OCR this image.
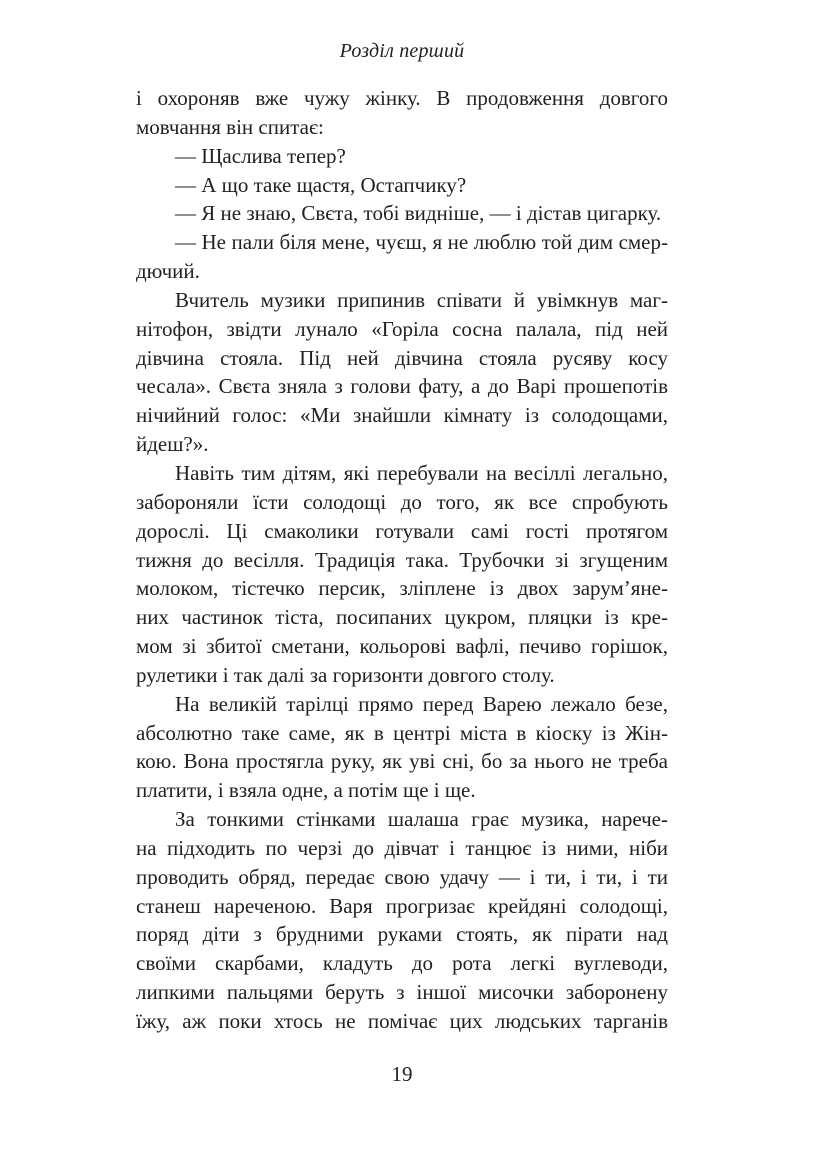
Розділ перший
і охороняв вже чужу жінку. В продовження довгого
мовчання він спитає:
— Щаслива тепер?
— А що таке щастя, Остапчику?
— Я не знаю, Свєта, тобі видніше, — і дістав цигарку.
— Не пали біля мене, чуєш, я не люблю той дим смер-
дючий.
Вчитель музики припинив співати й увімкнув маг-
нітофон, звідти лунало «Горіла сосна палала, під ней
дівчина стояла. Під ней дівчина стояла русяву косу
чесала». Свєта зняла з голови фату, а до Варі прошепотів
нічийний голос: «Ми знайшли кімнату із солодощами,
йдеш?».
Навіть тим дітям, які перебували на весіллі легально,
забороняли їсти солодощі до того, як все спробують
дорослі. Ці смаколики готували самі гості протягом
тижня до весілля. Традиція така. Трубочки зі згущеним
молоком, тістечко персик, зліплене із двох зарум’яне-
них частинок тіста, посипаних цукром, пляцки із кре-
мом зі збитої сметани, кольорові вафлі, печиво горішок,
рулетики і так далі за горизонти довгого столу.
На великій тарілці прямо перед Варею лежало безе,
абсолютно таке саме, як в центрі міста в кіоску із Жін-
кою. Вона простягла руку, як уві сні, бо за нього не треба
платити, і взяла одне, а потім ще і ще.
За тонкими стінками шалаша грає музика, нарече-
на підходить по черзі до дівчат і танцює із ними, ніби
проводить обряд, передає свою удачу — і ти, і ти, і ти
станеш нареченою. Варя прогризає крейдяні солодощі,
поряд діти з брудними руками стоять, як пірати над
своїми скарбами, кладуть до рота легкі вуглеводи,
липкими пальцями беруть з іншої мисочки заборонену
їжу, аж поки хтось не помічає цих людських тарганів
19
